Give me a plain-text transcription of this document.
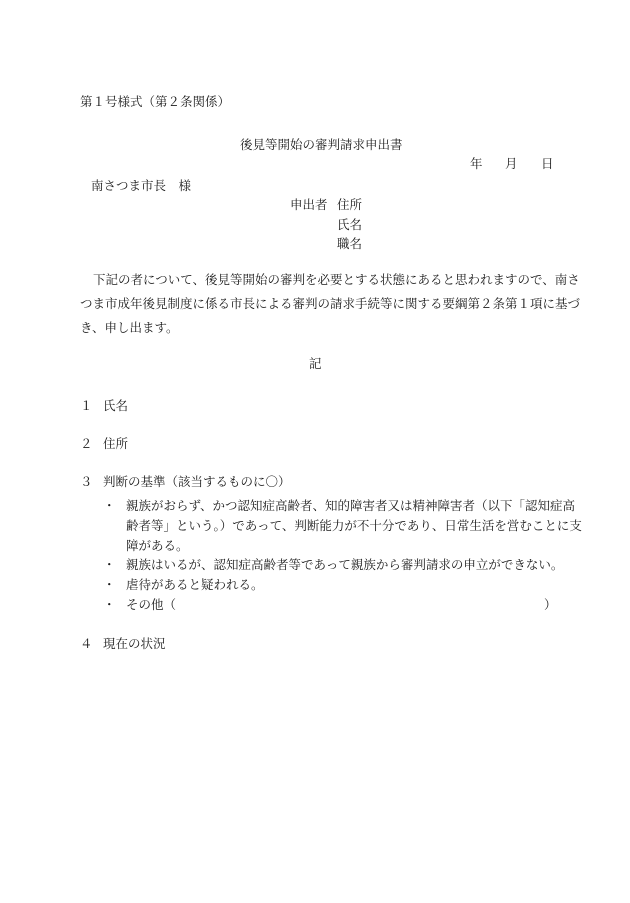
第１号様式（第２条関係）
後見等開始の審判請求申出書
年 月 日
南さつま市長　様
申出者 住所
氏名
職名
下記の者について、後見等開始の審判を必要とする状態にあると思われますので、南さ
つま市成年後見制度に係る市長による審判の請求手続等に関する要綱第２条第１項に基づ
き、申し出ます。
記
１ 氏名
２ 住所
３ 判断の基準（該当するものに〇）
・ 親族がおらず、かつ認知症高齢者、知的障害者又は精神障害者（以下「認知症高
齢者等」という。）であって、判断能力が不十分であり、日常生活を営むことに支
障がある。
・ 親族はいるが、認知症高齢者等であって親族から審判請求の申立ができない。
・ 虐待があると疑われる。
・ その他（	）
４ 現在の状況
